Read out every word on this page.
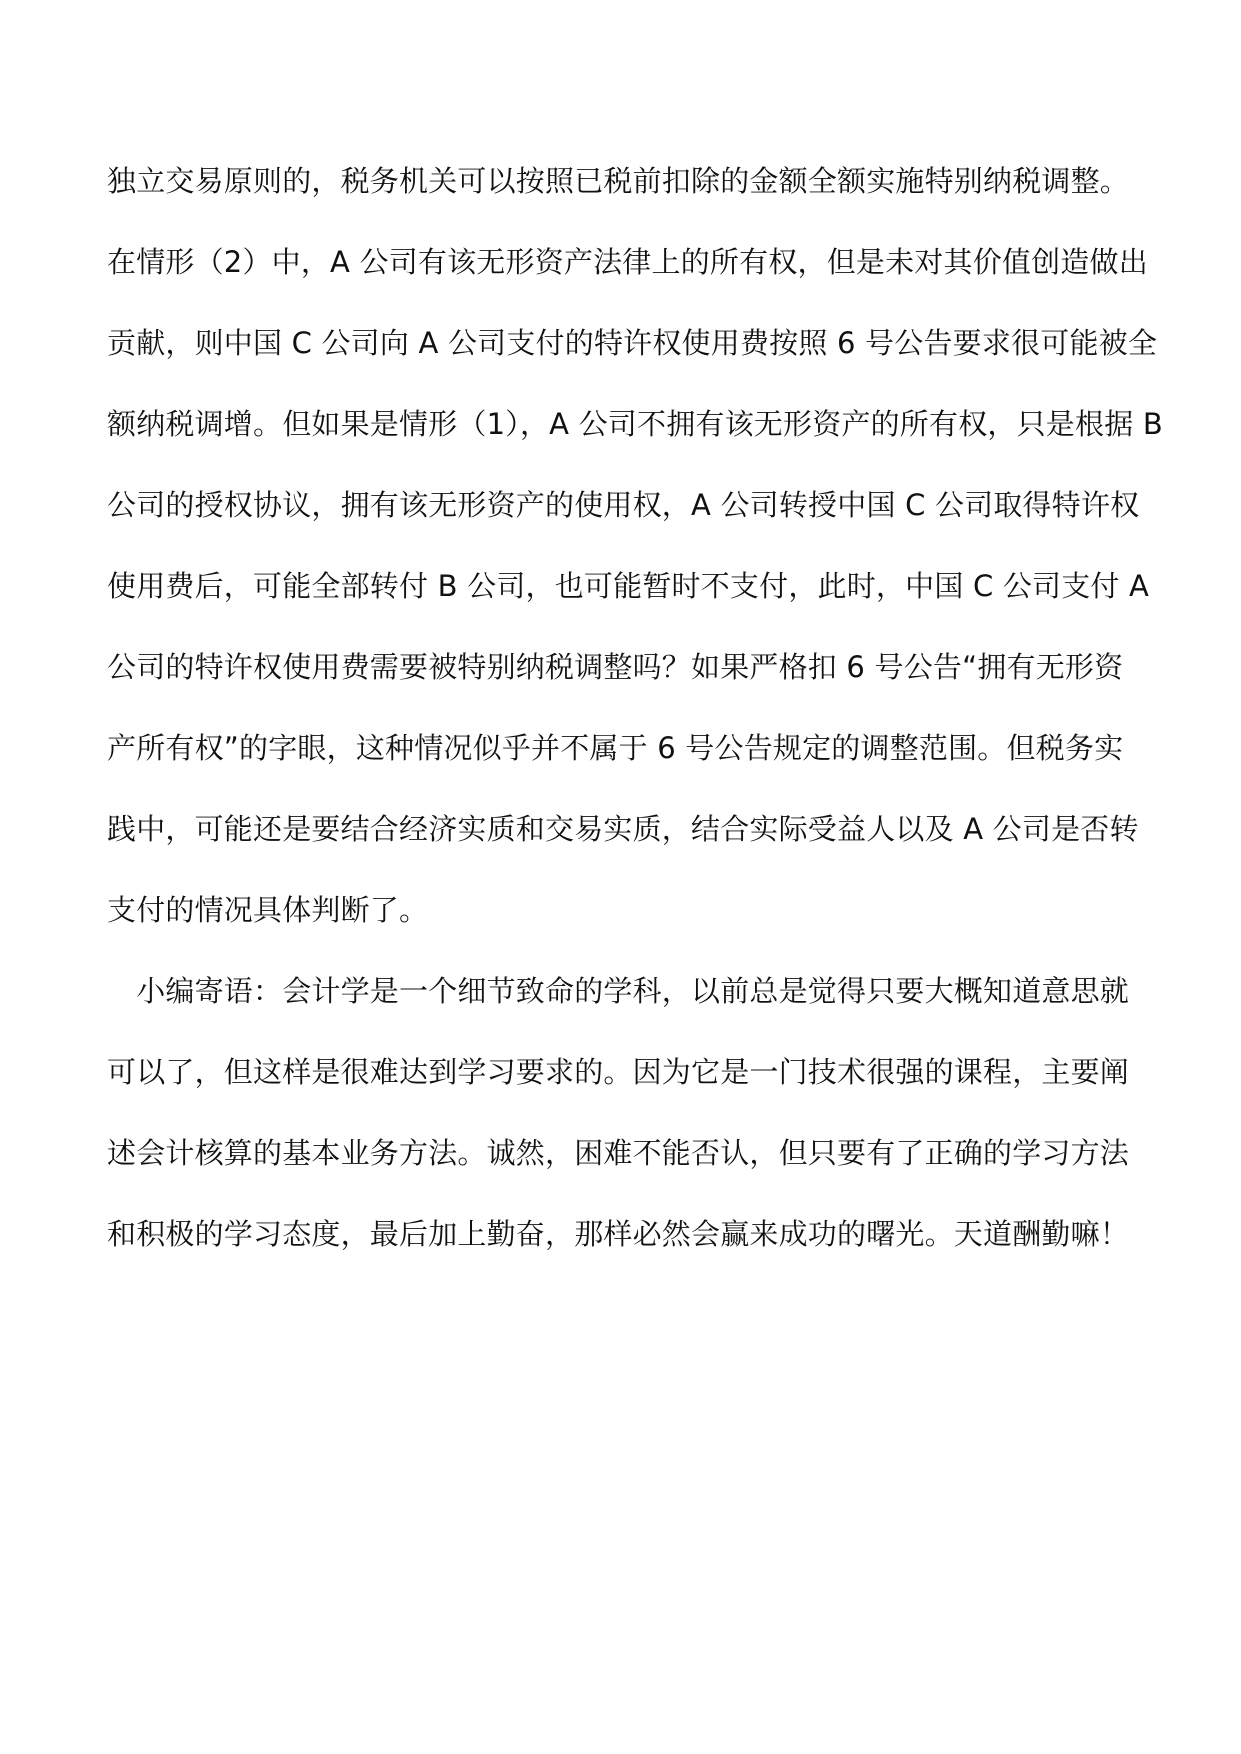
独立交易原则的，税务机关可以按照已税前扣除的金额全额实施特别纳税调整。
在情形（2）中，A 公司有该无形资产法律上的所有权，但是未对其价值创造做出
贡献，则中国 C 公司向 A 公司支付的特许权使用费按照 6 号公告要求很可能被全
额纳税调增。但如果是情形（1），A 公司不拥有该无形资产的所有权，只是根据 B
公司的授权协议，拥有该无形资产的使用权，A 公司转授中国 C 公司取得特许权
使用费后，可能全部转付 B 公司，也可能暂时不支付，此时，中国 C 公司支付 A
公司的特许权使用费需要被特别纳税调整吗？如果严格扣 6 号公告“拥有无形资
产所有权”的字眼，这种情况似乎并不属于 6 号公告规定的调整范围。但税务实
践中，可能还是要结合经济实质和交易实质，结合实际受益人以及 A 公司是否转
支付的情况具体判断了。
　小编寄语：会计学是一个细节致命的学科，以前总是觉得只要大概知道意思就
可以了，但这样是很难达到学习要求的。因为它是一门技术很强的课程，主要阐
述会计核算的基本业务方法。诚然，困难不能否认，但只要有了正确的学习方法
和积极的学习态度，最后加上勤奋，那样必然会赢来成功的曙光。天道酬勤嘛！
